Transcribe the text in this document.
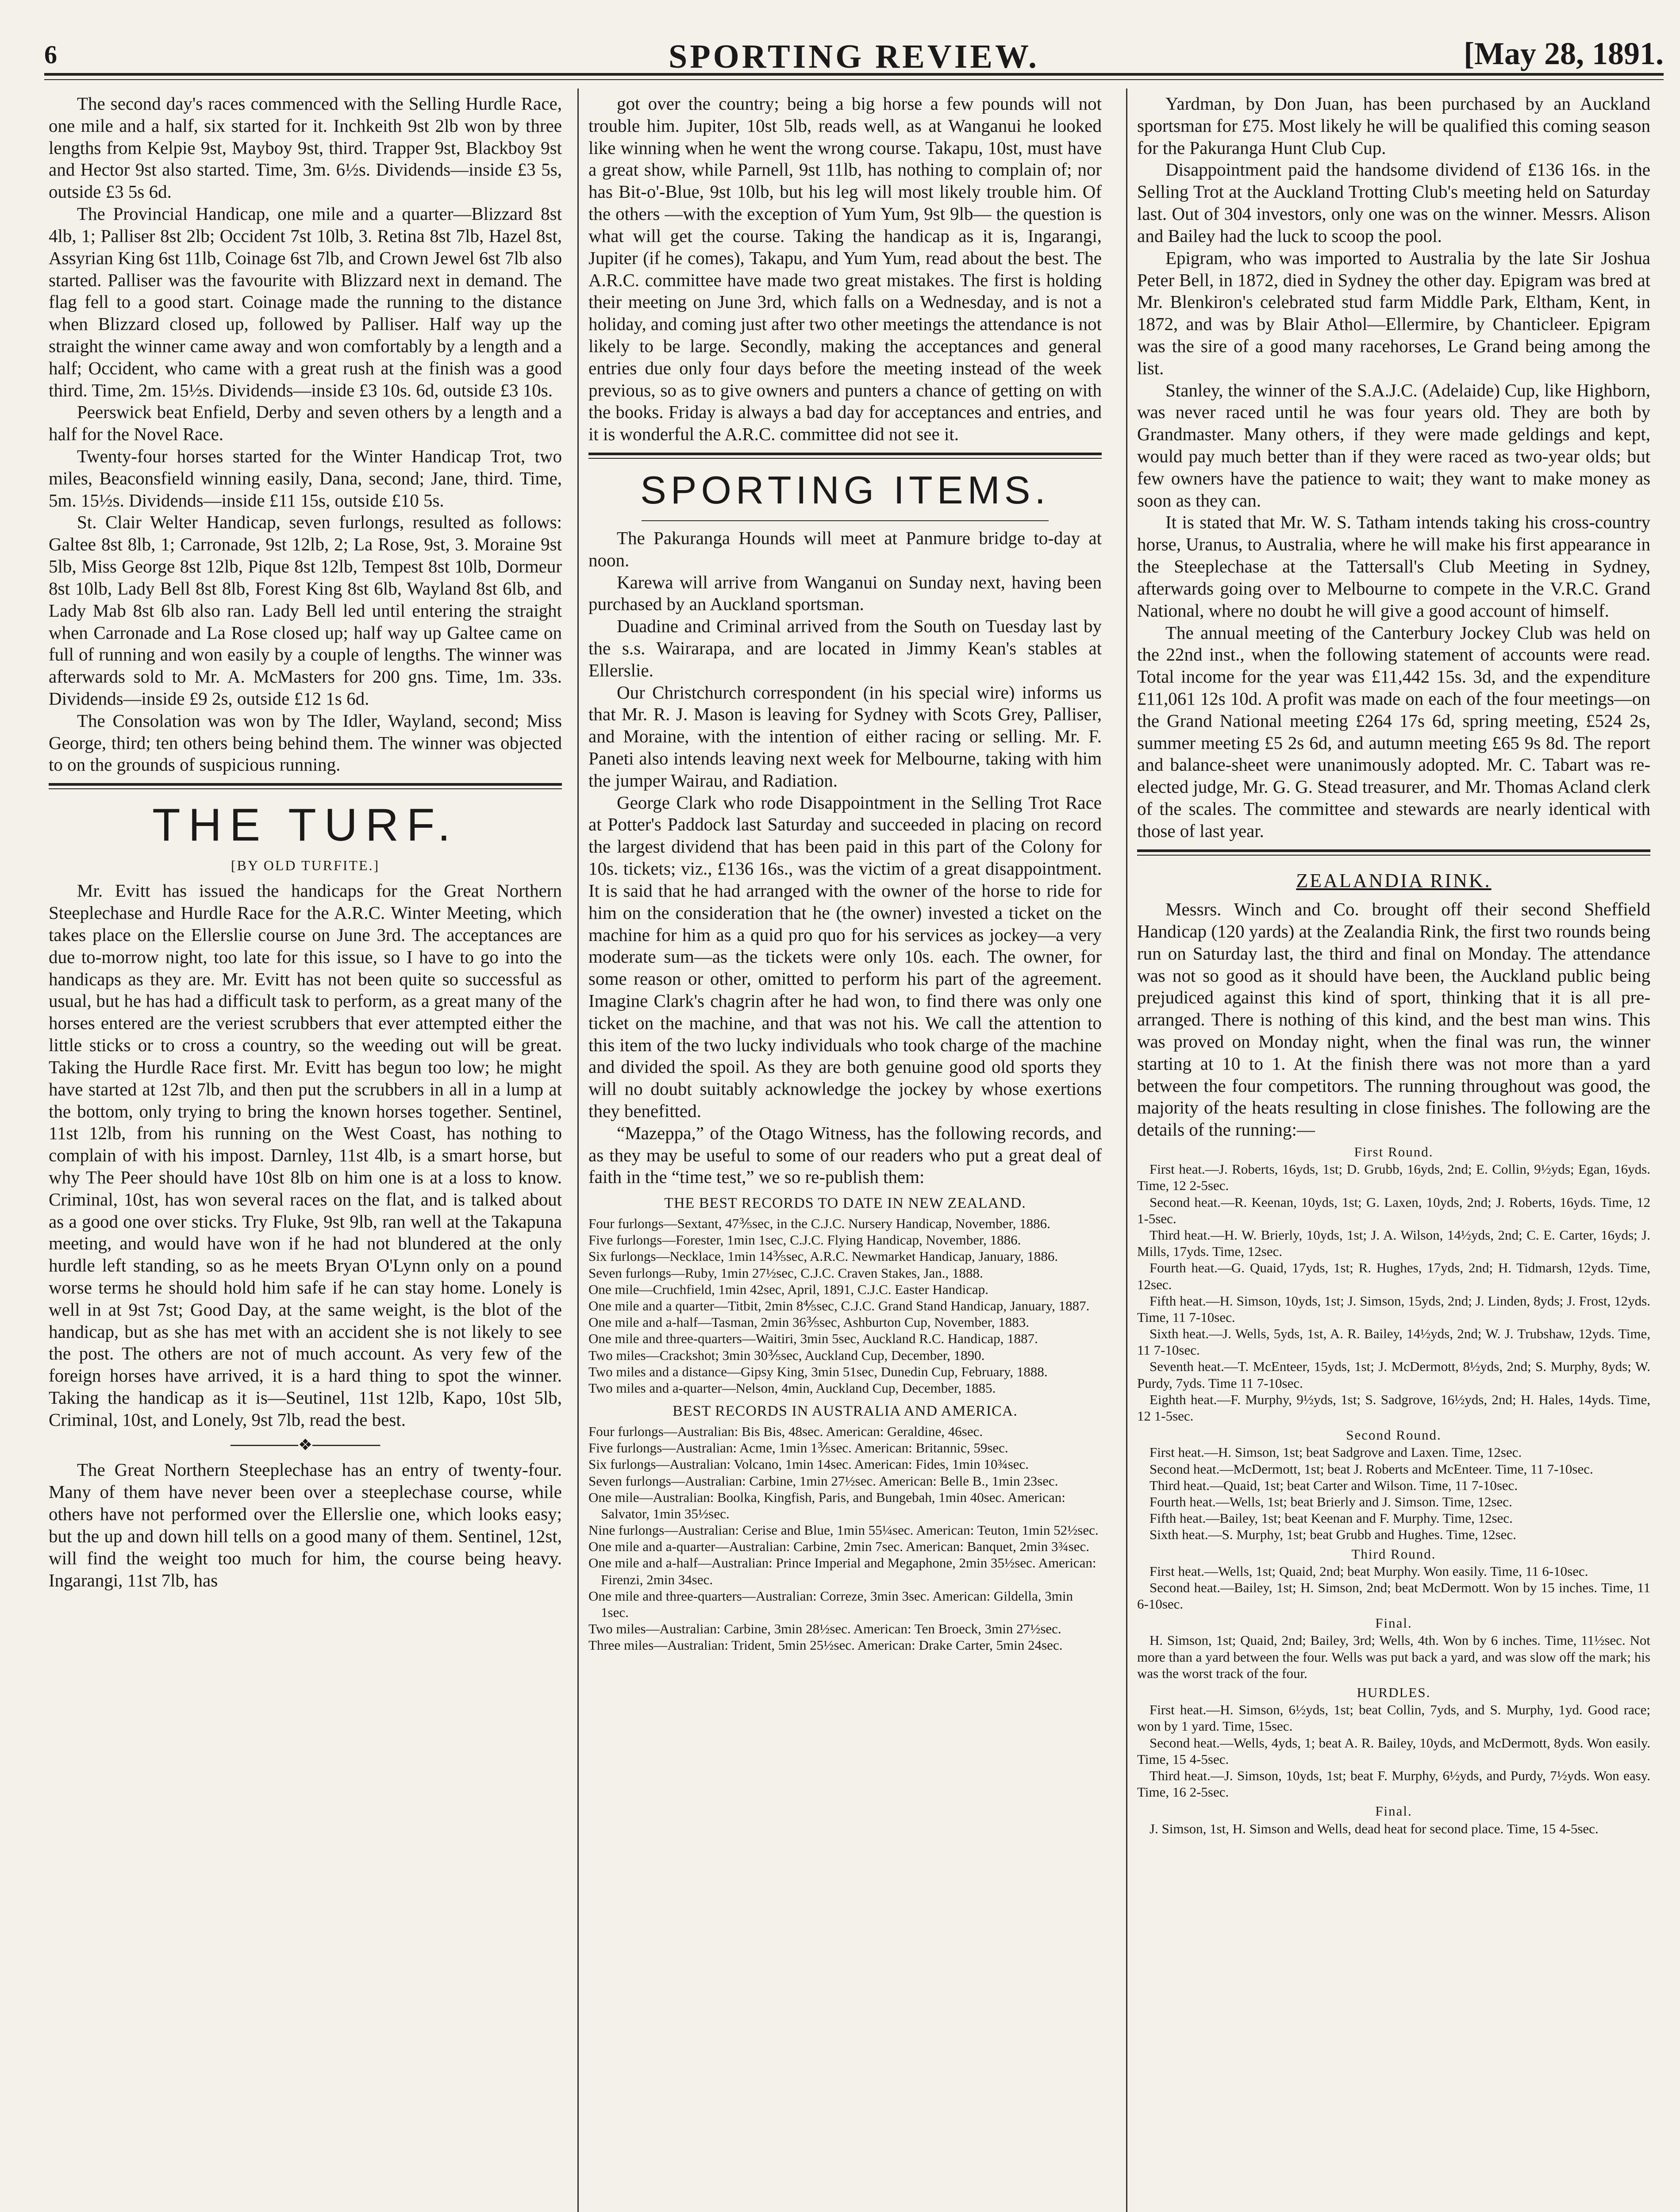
6	SPORTING REVIEW.	[May 28, 1891.

The second day's races commenced with the Selling Hurdle Race, one mile and a half, six started for it. Inchkeith 9st 2lb won by three lengths from Kelpie 9st, Mayboy 9st, third. Trapper 9st, Blackboy 9st and Hector 9st also started. Time, 3m. 6½s. Dividends—inside £3 5s, outside £3 5s 6d.

The Provincial Handicap, one mile and a quarter—Blizzard 8st 4lb, 1; Palliser 8st 2lb; Occident 7st 10lb, 3. Retina 8st 7lb, Hazel 8st, Assyrian King 6st 11lb, Coinage 6st 7lb, and Crown Jewel 6st 7lb also started. Palliser was the favourite with Blizzard next in demand. The flag fell to a good start. Coinage made the running to the distance when Blizzard closed up, followed by Palliser. Half way up the straight the winner came away and won comfortably by a length and a half; Occident, who came with a great rush at the finish was a good third. Time, 2m. 15½s. Dividends—inside £3 10s. 6d, outside £3 10s.

Peerswick beat Enfield, Derby and seven others by a length and a half for the Novel Race.

Twenty-four horses started for the Winter Handicap Trot, two miles, Beaconsfield winning easily, Dana, second; Jane, third. Time, 5m. 15½s. Dividends—inside £11 15s, outside £10 5s.

St. Clair Welter Handicap, seven furlongs, resulted as follows: Galtee 8st 8lb, 1; Carronade, 9st 12lb, 2; La Rose, 9st, 3. Moraine 9st 5lb, Miss George 8st 12lb, Pique 8st 12lb, Tempest 8st 10lb, Dormeur 8st 10lb, Lady Bell 8st 8lb, Forest King 8st 6lb, Wayland 8st 6lb, and Lady Mab 8st 6lb also ran. Lady Bell led until entering the straight when Carronade and La Rose closed up; half way up Galtee came on full of running and won easily by a couple of lengths. The winner was afterwards sold to Mr. A. McMasters for 200 gns. Time, 1m. 33s. Dividends—inside £9 2s, outside £12 1s 6d.

The Consolation was won by The Idler, Wayland, second; Miss George, third; ten others being behind them. The winner was objected to on the grounds of suspicious running.

THE TURF.
[BY OLD TURFITE.]

Mr. Evitt has issued the handicaps for the Great Northern Steeplechase and Hurdle Race for the A.R.C. Winter Meeting, which takes place on the Ellerslie course on June 3rd. The acceptances are due to-morrow night, too late for this issue, so I have to go into the handicaps as they are. Mr. Evitt has not been quite so successful as usual, but he has had a difficult task to perform, as a great many of the horses entered are the veriest scrubbers that ever attempted either the little sticks or to cross a country, so the weeding out will be great. Taking the Hurdle Race first. Mr. Evitt has begun too low; he might have started at 12st 7lb, and then put the scrubbers in all in a lump at the bottom, only trying to bring the known horses together. Sentinel, 11st 12lb, from his running on the West Coast, has nothing to complain of with his impost. Darnley, 11st 4lb, is a smart horse, but why The Peer should have 10st 8lb on him one is at a loss to know. Criminal, 10st, has won several races on the flat, and is talked about as a good one over sticks. Try Fluke, 9st 9lb, ran well at the Takapuna meeting, and would have won if he had not blundered at the only hurdle left standing, so as he meets Bryan O'Lynn only on a pound worse terms he should hold him safe if he can stay home. Lonely is well in at 9st 7st; Good Day, at the same weight, is the blot of the handicap, but as she has met with an accident she is not likely to see the post. The others are not of much account. As very few of the foreign horses have arrived, it is a hard thing to spot the winner. Taking the handicap as it is—Seutinel, 11st 12lb, Kapo, 10st 5lb, Criminal, 10st, and Lonely, 9st 7lb, read the best.

──────❖──────

The Great Northern Steeplechase has an entry of twenty-four. Many of them have never been over a steeplechase course, while others have not performed over the Ellerslie one, which looks easy; but the up and down hill tells on a good many of them. Sentinel, 12st, will find the weight too much for him, the course being heavy. Ingarangi, 11st 7lb, has

got over the country; being a big horse a few pounds will not trouble him. Jupiter, 10st 5lb, reads well, as at Wanganui he looked like winning when he went the wrong course. Takapu, 10st, must have a great show, while Parnell, 9st 11lb, has nothing to complain of; nor has Bit-o'-Blue, 9st 10lb, but his leg will most likely trouble him. Of the others —with the exception of Yum Yum, 9st 9lb— the question is what will get the course. Taking the handicap as it is, Ingarangi, Jupiter (if he comes), Takapu, and Yum Yum, read about the best. The A.R.C. committee have made two great mistakes. The first is holding their meeting on June 3rd, which falls on a Wednesday, and is not a holiday, and coming just after two other meetings the attendance is not likely to be large. Secondly, making the acceptances and general entries due only four days before the meeting instead of the week previous, so as to give owners and punters a chance of getting on with the books. Friday is always a bad day for acceptances and entries, and it is wonderful the A.R.C. committee did not see it.

SPORTING ITEMS.

The Pakuranga Hounds will meet at Panmure bridge to-day at noon.

Karewa will arrive from Wanganui on Sunday next, having been purchased by an Auckland sportsman.

Duadine and Criminal arrived from the South on Tuesday last by the s.s. Wairarapa, and are located in Jimmy Kean's stables at Ellerslie.

Our Christchurch correspondent (in his special wire) informs us that Mr. R. J. Mason is leaving for Sydney with Scots Grey, Palliser, and Moraine, with the intention of either racing or selling. Mr. F. Paneti also intends leaving next week for Melbourne, taking with him the jumper Wairau, and Radiation.

George Clark who rode Disappointment in the Selling Trot Race at Potter's Paddock last Saturday and succeeded in placing on record the largest dividend that has been paid in this part of the Colony for 10s. tickets; viz., £136 16s., was the victim of a great disappointment. It is said that he had arranged with the owner of the horse to ride for him on the consideration that he (the owner) invested a ticket on the machine for him as a quid pro quo for his services as jockey—a very moderate sum—as the tickets were only 10s. each. The owner, for some reason or other, omitted to perform his part of the agreement. Imagine Clark's chagrin after he had won, to find there was only one ticket on the machine, and that was not his. We call the attention to this item of the two lucky individuals who took charge of the machine and divided the spoil. As they are both genuine good old sports they will no doubt suitably acknowledge the jockey by whose exertions they benefitted.

“Mazeppa,” of the Otago Witness, has the following records, and as they may be useful to some of our readers who put a great deal of faith in the “time test,” we so re-publish them:

THE BEST RECORDS TO DATE IN NEW ZEALAND.

Four furlongs—Sextant, 47⅗sec, in the C.J.C. Nursery Handicap, November, 1886.

Five furlongs—Forester, 1min 1sec, C.J.C. Flying Handicap, November, 1886.

Six furlongs—Necklace, 1min 14⅗sec, A.R.C. Newmarket Handicap, January, 1886.

Seven furlongs—Ruby, 1min 27½sec, C.J.C. Craven Stakes, Jan., 1888.

One mile—Cruchfield, 1min 42sec, April, 1891, C.J.C. Easter Handicap.

One mile and a quarter—Titbit, 2min 8⅘sec, C.J.C. Grand Stand Handicap, January, 1887.

One mile and a-half—Tasman, 2min 36⅗sec, Ashburton Cup, November, 1883.

One mile and three-quarters—Waitiri, 3min 5sec, Auckland R.C. Handicap, 1887.

Two miles—Crackshot; 3min 30⅗sec, Auckland Cup, December, 1890.

Two miles and a distance—Gipsy King, 3min 51sec, Dunedin Cup, February, 1888.

Two miles and a-quarter—Nelson, 4min, Auckland Cup, December, 1885.

BEST RECORDS IN AUSTRALIA AND AMERICA.

Four furlongs—Australian: Bis Bis, 48sec. American: Geraldine, 46sec.

Five furlongs—Australian: Acme, 1min 1⅗sec. American: Britannic, 59sec.

Six furlongs—Australian: Volcano, 1min 14sec. American: Fides, 1min 10¾sec.

Seven furlongs—Australian: Carbine, 1min 27½sec. American: Belle B., 1min 23sec.

One mile—Australian: Boolka, Kingfish, Paris, and Bungebah, 1min 40sec. American: Salvator, 1min 35½sec.

Nine furlongs—Australian: Cerise and Blue, 1min 55¼sec. American: Teuton, 1min 52½sec.

One mile and a-quarter—Australian: Carbine, 2min 7sec. American: Banquet, 2min 3¾sec.

One mile and a-half—Australian: Prince Imperial and Megaphone, 2min 35½sec. American: Firenzi, 2min 34sec.

One mile and three-quarters—Australian: Correze, 3min 3sec. American: Gildella, 3min 1sec.

Two miles—Australian: Carbine, 3min 28½sec. American: Ten Broeck, 3min 27½sec.

Three miles—Australian: Trident, 5min 25½sec. American: Drake Carter, 5min 24sec.

Yardman, by Don Juan, has been purchased by an Auckland sportsman for £75. Most likely he will be qualified this coming season for the Pakuranga Hunt Club Cup.

Disappointment paid the handsome dividend of £136 16s. in the Selling Trot at the Auckland Trotting Club's meeting held on Saturday last. Out of 304 investors, only one was on the winner. Messrs. Alison and Bailey had the luck to scoop the pool.

Epigram, who was imported to Australia by the late Sir Joshua Peter Bell, in 1872, died in Sydney the other day. Epigram was bred at Mr. Blenkiron's celebrated stud farm Middle Park, Eltham, Kent, in 1872, and was by Blair Athol—Ellermire, by Chanticleer. Epigram was the sire of a good many racehorses, Le Grand being among the list.

Stanley, the winner of the S.A.J.C. (Adelaide) Cup, like Highborn, was never raced until he was four years old. They are both by Grandmaster. Many others, if they were made geldings and kept, would pay much better than if they were raced as two-year olds; but few owners have the patience to wait; they want to make money as soon as they can.

It is stated that Mr. W. S. Tatham intends taking his cross-country horse, Uranus, to Australia, where he will make his first appearance in the Steeplechase at the Tattersall's Club Meeting in Sydney, afterwards going over to Melbourne to compete in the V.R.C. Grand National, where no doubt he will give a good account of himself.

The annual meeting of the Canterbury Jockey Club was held on the 22nd inst., when the following statement of accounts were read. Total income for the year was £11,442 15s. 3d, and the expenditure £11,061 12s 10d. A profit was made on each of the four meetings—on the Grand National meeting £264 17s 6d, spring meeting, £524 2s, summer meeting £5 2s 6d, and autumn meeting £65 9s 8d. The report and balance-sheet were unanimously adopted. Mr. C. Tabart was re-elected judge, Mr. G. G. Stead treasurer, and Mr. Thomas Acland clerk of the scales. The committee and stewards are nearly identical with those of last year.

ZEALANDIA RINK.

Messrs. Winch and Co. brought off their second Sheffield Handicap (120 yards) at the Zealandia Rink, the first two rounds being run on Saturday last, the third and final on Monday. The attendance was not so good as it should have been, the Auckland public being prejudiced against this kind of sport, thinking that it is all pre-arranged. There is nothing of this kind, and the best man wins. This was proved on Monday night, when the final was run, the winner starting at 10 to 1. At the finish there was not more than a yard between the four competitors. The running throughout was good, the majority of the heats resulting in close finishes. The following are the details of the running:—

First Round.

First heat.—J. Roberts, 16yds, 1st; D. Grubb, 16yds, 2nd; E. Collin, 9½yds; Egan, 16yds. Time, 12 2-5sec.

Second heat.—R. Keenan, 10yds, 1st; G. Laxen, 10yds, 2nd; J. Roberts, 16yds. Time, 12 1-5sec.

Third heat.—H. W. Brierly, 10yds, 1st; J. A. Wilson, 14½yds, 2nd; C. E. Carter, 16yds; J. Mills, 17yds. Time, 12sec.

Fourth heat.—G. Quaid, 17yds, 1st; R. Hughes, 17yds, 2nd; H. Tidmarsh, 12yds. Time, 12sec.

Fifth heat.—H. Simson, 10yds, 1st; J. Simson, 15yds, 2nd; J. Linden, 8yds; J. Frost, 12yds. Time, 11 7-10sec.

Sixth heat.—J. Wells, 5yds, 1st, A. R. Bailey, 14½yds, 2nd; W. J. Trubshaw, 12yds. Time, 11 7-10sec.

Seventh heat.—T. McEnteer, 15yds, 1st; J. McDermott, 8½yds, 2nd; S. Murphy, 8yds; W. Purdy, 7yds. Time 11 7-10sec.

Eighth heat.—F. Murphy, 9½yds, 1st; S. Sadgrove, 16½yds, 2nd; H. Hales, 14yds. Time, 12 1-5sec.

Second Round.

First heat.—H. Simson, 1st; beat Sadgrove and Laxen. Time, 12sec.

Second heat.—McDermott, 1st; beat J. Roberts and McEnteer. Time, 11 7-10sec.

Third heat.—Quaid, 1st; beat Carter and Wilson. Time, 11 7-10sec.

Fourth heat.—Wells, 1st; beat Brierly and J. Simson. Time, 12sec.

Fifth heat.—Bailey, 1st; beat Keenan and F. Murphy. Time, 12sec.

Sixth heat.—S. Murphy, 1st; beat Grubb and Hughes. Time, 12sec.

Third Round.

First heat.—Wells, 1st; Quaid, 2nd; beat Murphy. Won easily. Time, 11 6-10sec.

Second heat.—Bailey, 1st; H. Simson, 2nd; beat McDermott. Won by 15 inches. Time, 11 6-10sec.

Final.

H. Simson, 1st; Quaid, 2nd; Bailey, 3rd; Wells, 4th. Won by 6 inches. Time, 11½sec. Not more than a yard between the four. Wells was put back a yard, and was slow off the mark; his was the worst track of the four.

HURDLES.

First heat.—H. Simson, 6½yds, 1st; beat Collin, 7yds, and S. Murphy, 1yd. Good race; won by 1 yard. Time, 15sec.

Second heat.—Wells, 4yds, 1; beat A. R. Bailey, 10yds, and McDermott, 8yds. Won easily. Time, 15 4-5sec.

Third heat.—J. Simson, 10yds, 1st; beat F. Murphy, 6½yds, and Purdy, 7½yds. Won easy. Time, 16 2-5sec.

Final.

J. Simson, 1st, H. Simson and Wells, dead heat for second place. Time, 15 4-5sec.
